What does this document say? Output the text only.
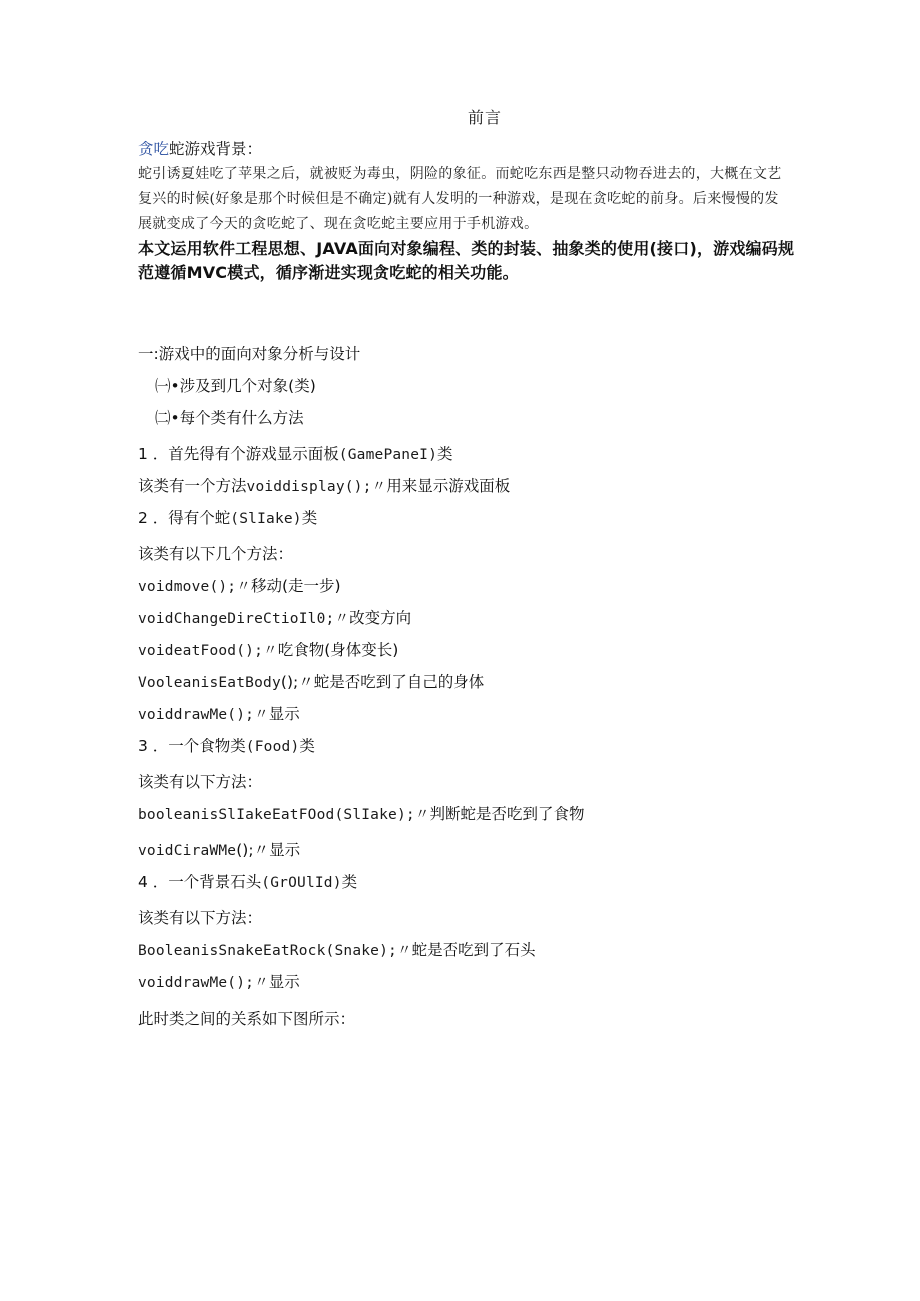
前言
贪吃蛇游戏背景：
蛇引诱夏娃吃了苹果之后，就被贬为毒虫，阴险的象征。而蛇吃东西是整只动物吞进去的，大概在文艺
复兴的时候(好象是那个时候但是不确定)就有人发明的一种游戏，是现在贪吃蛇的前身。后来慢慢的发
展就变成了今天的贪吃蛇了、现在贪吃蛇主要应用于手机游戏。
本文运用软件工程思想、JAVA面向对象编程、类的封装、抽象类的使用(接口)，游戏编码规
范遵循MVC模式，循序渐进实现贪吃蛇的相关功能。
一:游戏中的面向对象分析与设计
㈠•涉及到几个对象(类)
㈡•每个类有什么方法
1 ．首先得有个游戏显示面板(GamePaneI)类
该类有一个方法voiddisplay();〃用来显示游戏面板
2 ．得有个蛇(SlIake)类
该类有以下几个方法：
voidmove();〃移动(走一步)
voidChangeDireCtioIl0;〃改变方向
voideatFood();〃吃食物(身体变长)
VooleanisEatBody();〃蛇是否吃到了自己的身体
voiddrawMe();〃显示
3 ．一个食物类(Food)类
该类有以下方法：
booleanisSlIakeEatFOod(SlIake);〃判断蛇是否吃到了食物
voidCiraWMe();〃显示
4 ．一个背景石头(GrOUlId)类
该类有以下方法：
BooleanisSnakeEatRock(Snake);〃蛇是否吃到了石头
voiddrawMe();〃显示
此时类之间的关系如下图所示：
